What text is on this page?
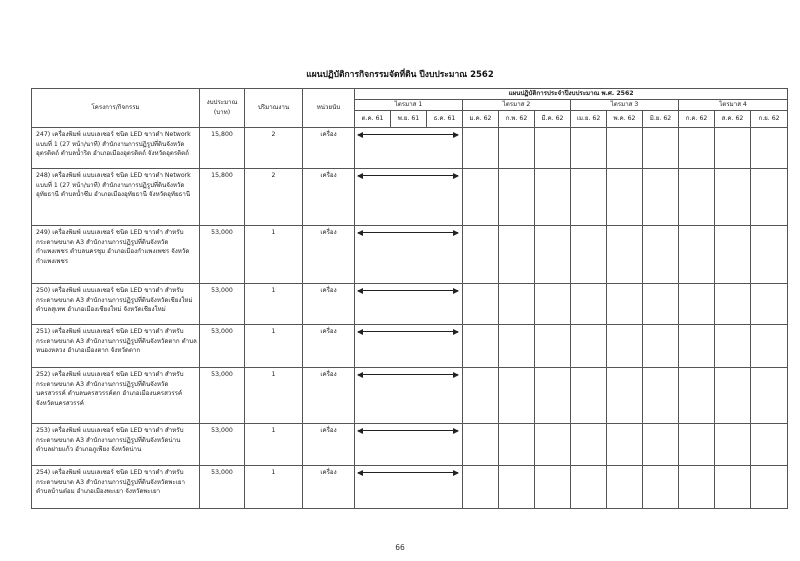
แผนปฏิบัติการกิจกรรมจัดที่ดิน ปีงบประมาณ 2562
โครงการ/กิจกรรม	งบประมาณ (บาท)	ปริมาณงาน	หน่วยนับ	แผนปฏิบัติการประจำปีงบประมาณ พ.ศ. 2562											
				ไตรมาส 1			ไตรมาส 2			ไตรมาส 3			ไตรมาส 4		
				ต.ค. 61	พ.ย. 61	ธ.ค. 61	ม.ค. 62	ก.พ. 62	มี.ค. 62	เม.ย. 62	พ.ค. 62	มิ.ย. 62	ก.ค. 62	ส.ค. 62	ก.ย. 62
247) เครื่องพิมพ์ แบบเลเซอร์ ชนิด LED ขาวดำ Network แบบที่ 1 (27 หน้า/นาที) สำนักงานการปฏิรูปที่ดินจังหวัดอุตรดิตถ์ ตำบลน้ำริด อำเภอเมืองอุตรดิตถ์ จังหวัดอุตรดิตถ์	15,800	2	เครื่อง			

248) เครื่องพิมพ์ แบบเลเซอร์ ชนิด LED ขาวดำ Network แบบที่ 1 (27 หน้า/นาที) สำนักงานการปฏิรูปที่ดินจังหวัดอุทัยธานี ตำบลน้ำซึม อำเภอเมืองอุทัยธานี จังหวัดอุทัยธานี	15,800	2	เครื่อง			

249) เครื่องพิมพ์ แบบเลเซอร์ ชนิด LED ขาวดำ สำหรับกระดาษขนาด A3 สำนักงานการปฏิรูปที่ดินจังหวัดกำแพงเพชร ตำบลนครชุม อำเภอเมืองกำแพงเพชร จังหวัดกำแพงเพชร	53,000	1	เครื่อง			

250) เครื่องพิมพ์ แบบเลเซอร์ ชนิด LED ขาวดำ สำหรับกระดาษขนาด A3 สำนักงานการปฏิรูปที่ดินจังหวัดเชียงใหม่ ตำบลสุเทพ อำเภอเมืองเชียงใหม่ จังหวัดเชียงใหม่	53,000	1	เครื่อง			

251) เครื่องพิมพ์ แบบเลเซอร์ ชนิด LED ขาวดำ สำหรับกระดาษขนาด A3 สำนักงานการปฏิรูปที่ดินจังหวัดตาก ตำบลหนองหลวง อำเภอเมืองตาก จังหวัดตาก	53,000	1	เครื่อง			

252) เครื่องพิมพ์ แบบเลเซอร์ ชนิด LED ขาวดำ สำหรับกระดาษขนาด A3 สำนักงานการปฏิรูปที่ดินจังหวัดนครสวรรค์ ตำบลนครสวรรค์ตก อำเภอเมืองนครสวรรค์ จังหวัดนครสวรรค์	53,000	1	เครื่อง			

253) เครื่องพิมพ์ แบบเลเซอร์ ชนิด LED ขาวดำ สำหรับกระดาษขนาด A3 สำนักงานการปฏิรูปที่ดินจังหวัดน่าน ตำบลฝายแก้ว อำเภอภูเพียง จังหวัดน่าน	53,000	1	เครื่อง			

254) เครื่องพิมพ์ แบบเลเซอร์ ชนิด LED ขาวดำ สำหรับกระดาษขนาด A3 สำนักงานการปฏิรูปที่ดินจังหวัดพะเยา ตำบลบ้านต๋อม อำเภอเมืองพะเยา จังหวัดพะเยา	53,000	1	เครื่อง			

66
